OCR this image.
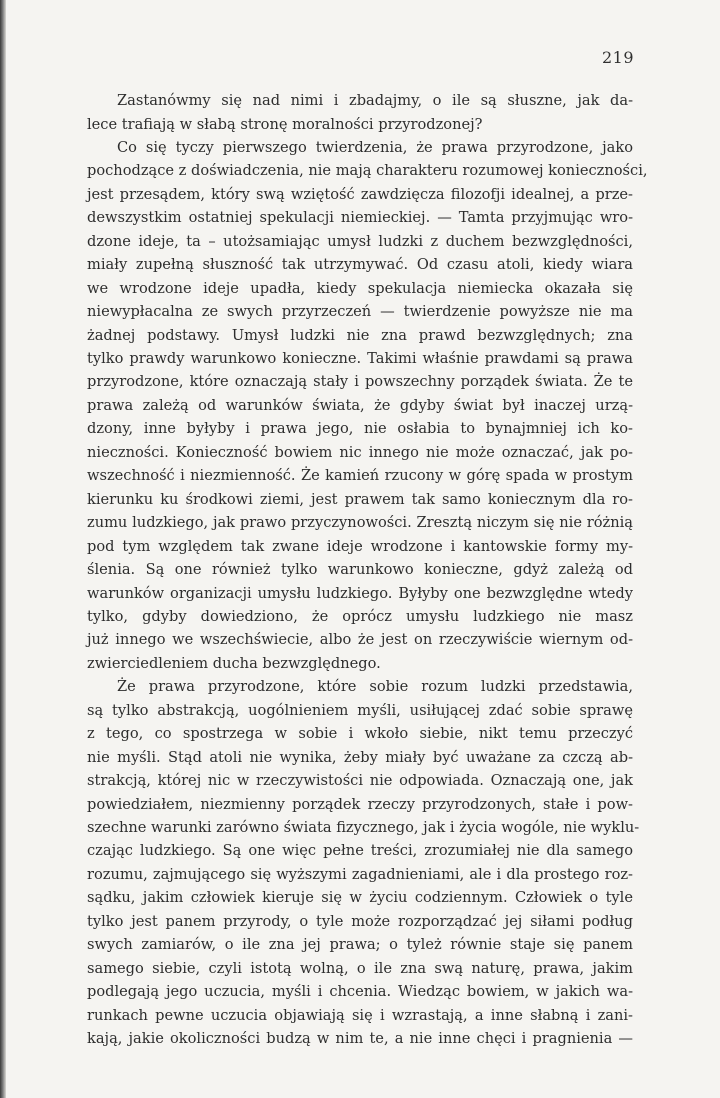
219
Zastanówmy się nad nimi i zbadajmy, o ile są słuszne, jak da-
lece trafiają w słabą stronę moralności przyrodzonej?
Co się tyczy pierwszego twierdzenia, że prawa przyrodzone, jako
pochodzące z doświadczenia, nie mają charakteru rozumowej konieczności,
jest przesądem, który swą wziętość zawdzięcza filozofji idealnej, a prze-
dewszystkim ostatniej spekulacji niemieckiej. — Tamta przyjmując wro-
dzone ideje, ta – utożsamiając umysł ludzki z duchem bezwzględności,
miały zupełną słuszność tak utrzymywać. Od czasu atoli, kiedy wiara
we wrodzone ideje upadła, kiedy spekulacja niemiecka okazała się
niewypłacalna ze swych przyrzeczeń — twierdzenie powyższe nie ma
żadnej podstawy. Umysł ludzki nie zna prawd bezwzględnych; zna
tylko prawdy warunkowo konieczne. Takimi właśnie prawdami są prawa
przyrodzone, które oznaczają stały i powszechny porządek świata. Że te
prawa zależą od warunków świata, że gdyby świat był inaczej urzą-
dzony, inne byłyby i prawa jego, nie osłabia to bynajmniej ich ko-
nieczności. Konieczność bowiem nic innego nie może oznaczać, jak po-
wszechność i niezmienność. Że kamień rzucony w górę spada w prostym
kierunku ku środkowi ziemi, jest prawem tak samo koniecznym dla ro-
zumu ludzkiego, jak prawo przyczynowości. Zresztą niczym się nie różnią
pod tym względem tak zwane ideje wrodzone i kantowskie formy my-
ślenia. Są one również tylko warunkowo konieczne, gdyż zależą od
warunków organizacji umysłu ludzkiego. Byłyby one bezwzględne wtedy
tylko, gdyby dowiedziono, że oprócz umysłu ludzkiego nie masz
już innego we wszechświecie, albo że jest on rzeczywiście wiernym od-
zwierciedleniem ducha bezwzględnego.
Że prawa przyrodzone, które sobie rozum ludzki przedstawia,
są tylko abstrakcją, uogólnieniem myśli, usiłującej zdać sobie sprawę
z tego, co spostrzega w sobie i wkoło siebie, nikt temu przeczyć
nie myśli. Stąd atoli nie wynika, żeby miały być uważane za czczą ab-
strakcją, której nic w rzeczywistości nie odpowiada. Oznaczają one, jak
powiedziałem, niezmienny porządek rzeczy przyrodzonych, stałe i pow-
szechne warunki zarówno świata fizycznego, jak i życia wogóle, nie wyklu-
czając ludzkiego. Są one więc pełne treści, zrozumiałej nie dla samego
rozumu, zajmującego się wyższymi zagadnieniami, ale i dla prostego roz-
sądku, jakim człowiek kieruje się w życiu codziennym. Człowiek o tyle
tylko jest panem przyrody, o tyle może rozporządzać jej siłami podług
swych zamiarów, o ile zna jej prawa; o tyleż równie staje się panem
samego siebie, czyli istotą wolną, o ile zna swą naturę, prawa, jakim
podlegają jego uczucia, myśli i chcenia. Wiedząc bowiem, w jakich wa-
runkach pewne uczucia objawiają się i wzrastają, a inne słabną i zani-
kają, jakie okoliczności budzą w nim te, a nie inne chęci i pragnienia —
